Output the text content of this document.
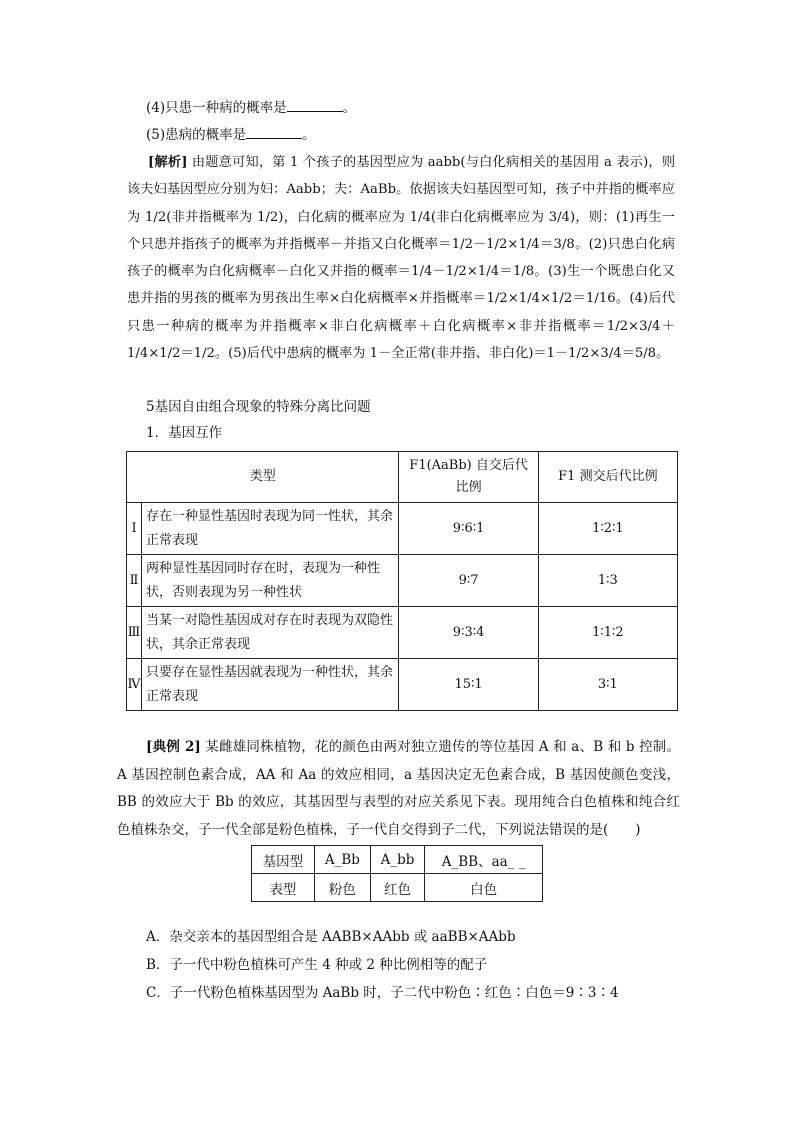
(4)只患一种病的概率是	。
(5)患病的概率是	。
[解析] 由题意可知，第 1 个孩子的基因型应为 aabb(与白化病相关的基因用 a 表示)，则该夫妇基因型应分别为妇：Aabb；夫：AaBb。依据该夫妇基因型可知，孩子中并指的概率应为 1/2(非并指概率为 1/2)，白化病的概率应为 1/4(非白化病概率应为 3/4)，则：(1)再生一个只患并指孩子的概率为并指概率－并指又白化概率＝1/2－1/2×1/4＝3/8。(2)只患白化病孩子的概率为白化病概率－白化又并指的概率＝1/4－1/2×1/4＝1/8。(3)生一个既患白化又患并指的男孩的概率为男孩出生率×白化病概率×并指概率＝1/2×1/4×1/2＝1/16。(4)后代只患一种病的概率为并指概率×非白化病概率＋白化病概率×非并指概率＝1/2×3/4＋1/4×1/2＝1/2。(5)后代中患病的概率为 1－全正常(非并指、非白化)＝1－1/2×3/4＝5/8。
5基因自由组合现象的特殊分离比问题
1．基因互作
类型		F1(AaBb) 自交后代比例	F1 测交后代比例
Ⅰ	存在一种显性基因时表现为同一性状，其余正常表现	9∶6∶1	1∶2∶1
Ⅱ	两种显性基因同时存在时，表现为一种性状，否则表现为另一种性状	9∶7	1∶3
Ⅲ	当某一对隐性基因成对存在时表现为双隐性状，其余正常表现	9∶3∶4	1∶1∶2
Ⅳ	只要存在显性基因就表现为一种性状，其余正常表现	15∶1	3∶1
[典例 2] 某雌雄同株植物，花的颜色由两对独立遗传的等位基因 A 和 a、B 和 b 控制。A 基因控制色素合成，AA 和 Aa 的效应相同，a 基因决定无色素合成，B 基因使颜色变浅，BB 的效应大于 Bb 的效应，其基因型与表型的对应关系见下表。现用纯合白色植株和纯合红色植株杂交，子一代全部是粉色植株，子一代自交得到子二代，下列说法错误的是(　　)
基因型	A_Bb	A_bb	A_BB、aa_ _
表型	粉色	红色	白色
A．杂交亲本的基因型组合是 AABB×AAbb 或 aaBB×AAbb
B．子一代中粉色植株可产生 4 种或 2 种比例相等的配子
C．子一代粉色植株基因型为 AaBb 时，子二代中粉色∶红色∶白色＝9∶3∶4
